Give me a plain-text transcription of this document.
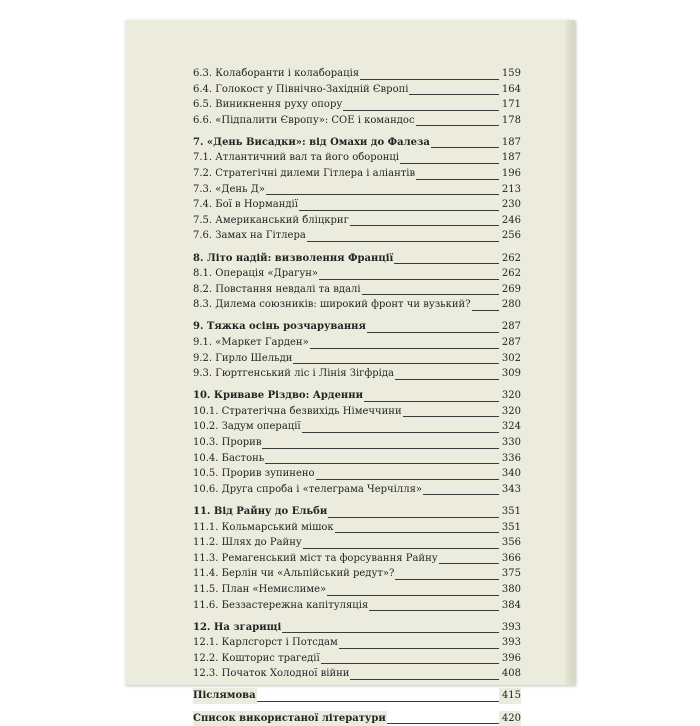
6.3. Колаборанти і колаборація	159
6.4. Голокост у Північно-Західній Європі	164
6.5. Виникнення руху опору	171
6.6. «Підпалити Європу»: СОЕ і командос	178
7. «День Висадки»: від Омахи до Фалеза	187
7.1. Атлантичний вал та його оборонці	187
7.2. Стратегічні дилеми Гітлера і аліантів	196
7.3. «День Д»	213
7.4. Бої в Нормандії	230
7.5. Американський бліцкриг	246
7.6. Замах на Гітлера	256
8. Літо надій: визволення Франції	262
8.1. Операція «Драгун»	262
8.2. Повстання невдалі та вдалі	269
8.3. Дилема союзників: широкий фронт чи вузький?	280
9. Тяжка осінь розчарування	287
9.1. «Маркет Гарден»	287
9.2. Гирло Шельди	302
9.3. Гюртгенський ліс і Лінія Зігфріда	309
10. Криваве Різдво: Арденни	320
10.1. Стратегічна безвихідь Німеччини	320
10.2. Задум операції	324
10.3. Прорив	330
10.4. Бастонь	336
10.5. Прорив зупинено	340
10.6. Друга спроба і «телеграма Черчілля»	343
11. Від Райну до Ельби	351
11.1. Кольмарський мішок	351
11.2. Шлях до Райну	356
11.3. Ремагенський міст та форсування Райну	366
11.4. Берлін чи «Альпійський редут»?	375
11.5. План «Немислиме»	380
11.6. Беззастережна капітуляція	384
12. На згарищі	393
12.1. Карлсгорст і Потсдам	393
12.2. Кошторис трагедії	396
12.3. Початок Холодної війни	408
Післямова	415
Список використаної літератури	420
